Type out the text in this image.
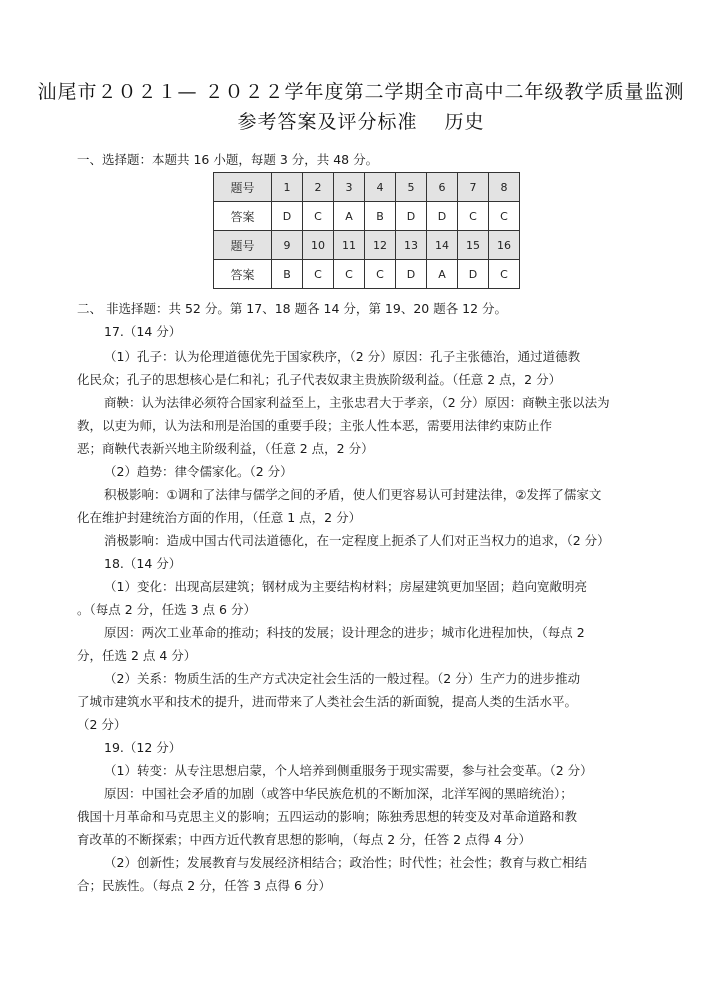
汕尾市２０２１— ２０２２学年度第二学期全市高中二年级教学质量监测
参考答案及评分标准　 历史
一、选择题：本题共 16 小题，每题 3 分，共 48 分。
题号	1	2	3	4	5	6	7	8
答案	D	C	A	B	D	D	C	C
题号	9	10	11	12	13	14	15	16
答案	B	C	C	C	D	A	D	C
二、 非选择题：共 52 分。第 17、18 题各 14 分，第 19、20 题各 12 分。
17.（14 分）
（1）孔子：认为伦理道德优先于国家秩序，（2 分）原因：孔子主张德治，通过道德教
化民众；孔子的思想核心是仁和礼；孔子代表奴隶主贵族阶级利益。（任意 2 点，2 分）
商鞅：认为法律必须符合国家利益至上，主张忠君大于孝亲，（2 分）原因：商鞅主张以法为
教，以吏为师，认为法和刑是治国的重要手段；主张人性本恶，需要用法律约束防止作
恶；商鞅代表新兴地主阶级利益，（任意 2 点，2 分）
（2）趋势：律令儒家化。（2 分）
积极影响：①调和了法律与儒学之间的矛盾，使人们更容易认可封建法律，②发挥了儒家文
化在维护封建统治方面的作用，（任意 1 点，2 分）
消极影响：造成中国古代司法道德化，在一定程度上扼杀了人们对正当权力的追求，（2 分）
18.（14 分）
（1）变化：出现高层建筑；钢材成为主要结构材料；房屋建筑更加坚固；趋向宽敞明亮
。（每点 2 分，任选 3 点 6 分）
原因：两次工业革命的推动；科技的发展；设计理念的进步；城市化进程加快，（每点 2
分，任选 2 点 4 分）
（2）关系：物质生活的生产方式决定社会生活的一般过程。（2 分）生产力的进步推动
了城市建筑水平和技术的提升，进而带来了人类社会生活的新面貌，提高人类的生活水平。
（2 分）
19.（12 分）
（1）转变：从专注思想启蒙，个人培养到侧重服务于现实需要，参与社会变革。（2 分）
原因：中国社会矛盾的加剧（或答中华民族危机的不断加深，北洋军阀的黑暗统治）；
俄国十月革命和马克思主义的影响；五四运动的影响；陈独秀思想的转变及对革命道路和教
育改革的不断探索；中西方近代教育思想的影响，（每点 2 分，任答 2 点得 4 分）
（2）创新性；发展教育与发展经济相结合；政治性；时代性；社会性；教育与救亡相结
合；民族性。（每点 2 分，任答 3 点得 6 分）
